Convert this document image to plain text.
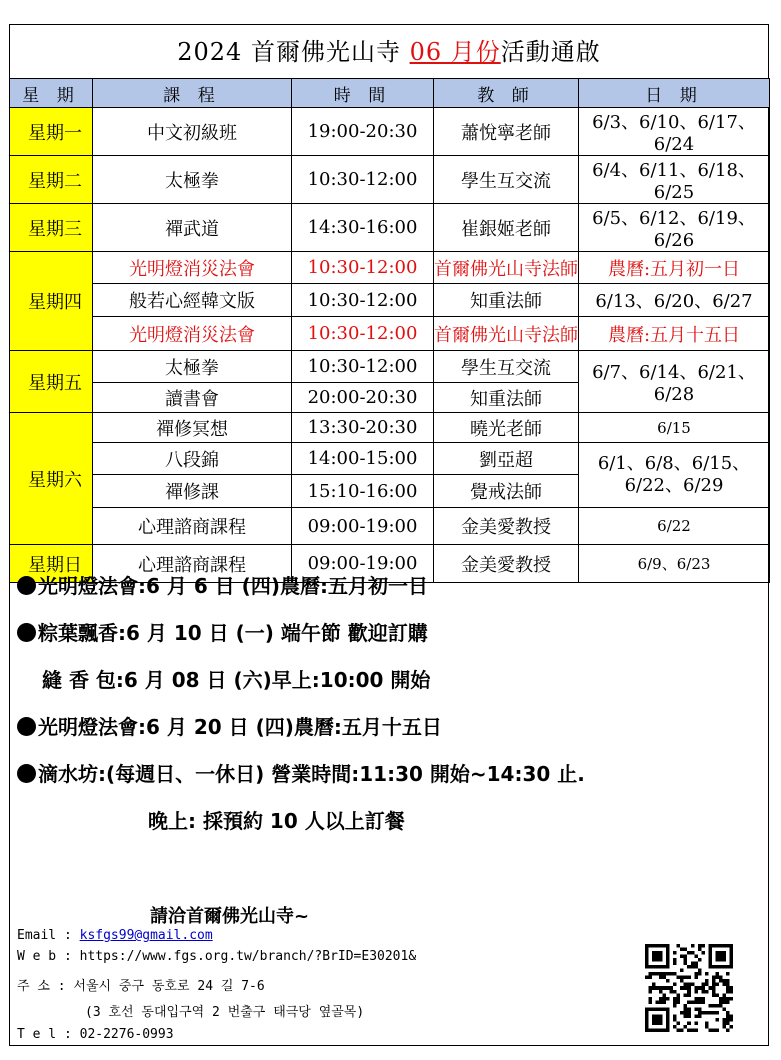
2024 首爾佛光山寺 06 月份活動通啟
星 期	課 程	時 間	教 師	日 期
星期一	中文初級班	19:00-20:30	蕭悅寧老師	6/3、6/10、6/17、6/24
星期二	太極拳	10:30-12:00	學生互交流	6/4、6/11、6/18、6/25
星期三	禪武道	14:30-16:00	崔銀姬老師	6/5、6/12、6/19、6/26
星期四	光明燈消災法會	10:30-12:00	首爾佛光山寺法師	農曆:五月初一日
	般若心經韓文版	10:30-12:00	知重法師	6/13、6/20、6/27
	光明燈消災法會	10:30-12:00	首爾佛光山寺法師	農曆:五月十五日
星期五	太極拳	10:30-12:00	學生互交流	6/7、6/14、6/21、6/28
	讀書會	20:00-20:30	知重法師	
星期六	禪修冥想	13:30-20:30	曉光老師	6/15
	八段錦	14:00-15:00	劉亞超	6/1、6/8、6/15、6/22、6/29
	禪修課	15:10-16:00	覺戒法師	
	心理諮商課程	09:00-19:00	金美愛教授	6/22
星期日	心理諮商課程	09:00-19:00	金美愛教授	6/9、6/23
光明燈法會:6 月 6 日 (四)農曆:五月初一日
粽葉飄香:6 月 10 日 (一) 端午節 歡迎訂購
縫 香 包:6 月 08 日 (六)早上:10:00 開始
光明燈法會:6 月 20 日 (四)農曆:五月十五日
滴水坊:(每週日、一休日) 營業時間:11:30 開始~14:30 止.
晚上: 採預約 10 人以上訂餐
請洽首爾佛光山寺~
Email : ksfgs99@gmail.com
W e b : https://www.fgs.org.tw/branch/?BrID=E30201&
주 소 : 서울시 중구 동호로 24 길 7-6
(3 호선 동대입구역 2 번출구 태극당 옆골목)
T e l : 02-2276-0993
